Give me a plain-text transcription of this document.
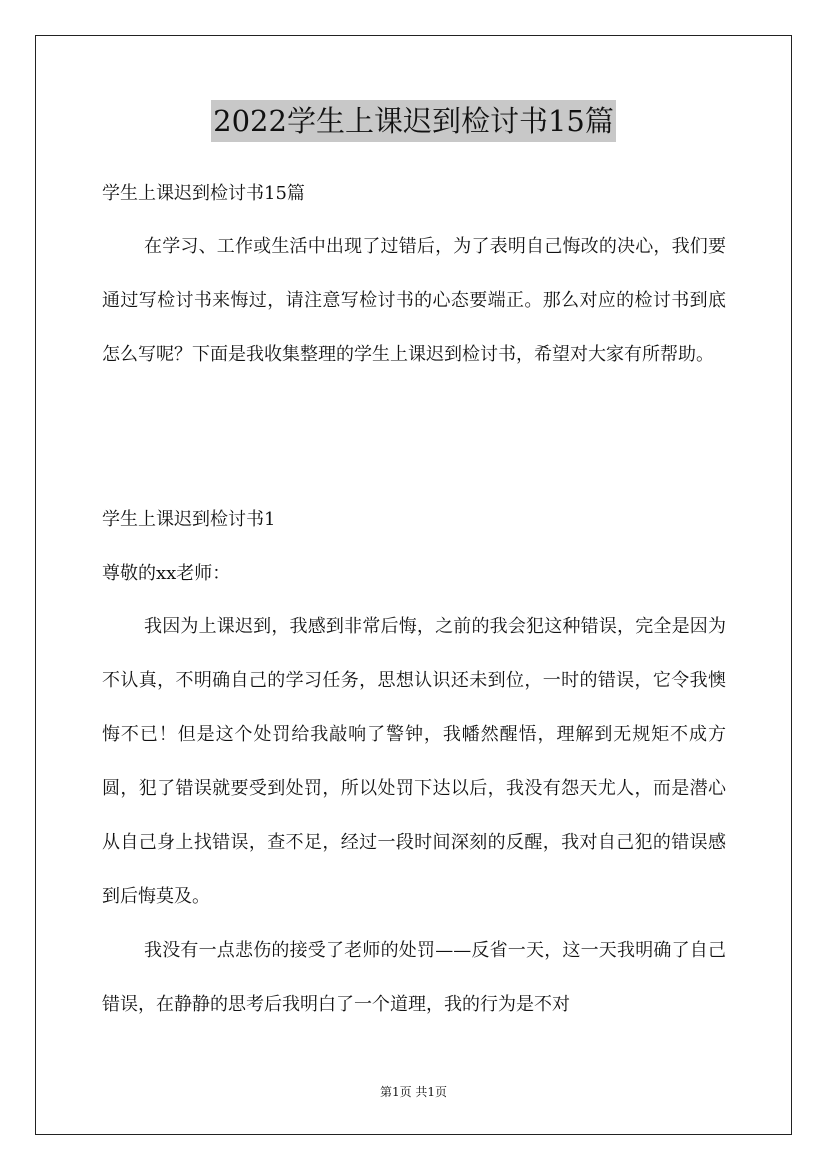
2022学生上课迟到检讨书15篇
学生上课迟到检讨书15篇
在学习、工作或生活中出现了过错后，为了表明自己悔改的决心，我们要通过写检讨书来悔过，请注意写检讨书的心态要端正。那么对应的检讨书到底怎么写呢？下面是我收集整理的学生上课迟到检讨书，希望对大家有所帮助。
学生上课迟到检讨书1
尊敬的xx老师：
我因为上课迟到，我感到非常后悔，之前的我会犯这种错误，完全是因为不认真，不明确自己的学习任务，思想认识还未到位，一时的错误，它令我懊悔不已！但是这个处罚给我敲响了警钟，我幡然醒悟，理解到无规矩不成方圆，犯了错误就要受到处罚，所以处罚下达以后，我没有怨天尤人，而是潜心从自己身上找错误，查不足，经过一段时间深刻的反醒，我对自己犯的错误感到后悔莫及。
我没有一点悲伤的接受了老师的处罚——反省一天，这一天我明确了自己错误，在静静的思考后我明白了一个道理，我的行为是不对
第1页 共1页
